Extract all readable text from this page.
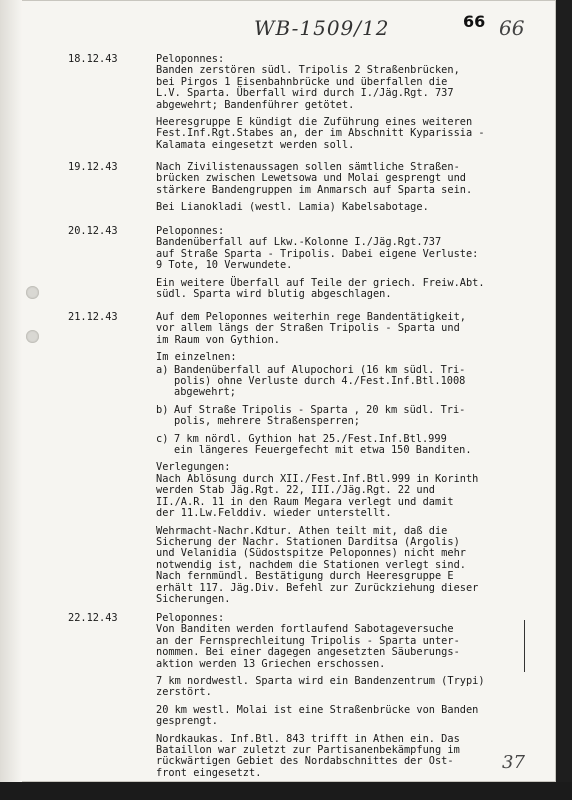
WB-1509/12	66 66
18.12.43	Peloponnes:
Banden zerstören südl. Tripolis 2 Straßenbrücken,
bei Pirgos 1 Eisenbahnbrücke und überfallen die
L.V. Sparta. Überfall wird durch I./Jäg.Rgt. 737
abgewehrt; Bandenführer getötet.

Heeresgruppe E kündigt die Zuführung eines weiteren
Fest.Inf.Rgt.Stabes an, der im Abschnitt Kyparissia -
Kalamata eingesetzt werden soll.

19.12.43	Nach Zivilistenaussagen sollen sämtliche Straßen-
brücken zwischen Lewetsowa und Molai gesprengt und
stärkere Bandengruppen im Anmarsch auf Sparta sein.

Bei Lianokladi (westl. Lamia) Kabelsabotage.

20.12.43	Peloponnes:
Bandenüberfall auf Lkw.-Kolonne I./Jäg.Rgt.737
auf Straße Sparta - Tripolis. Dabei eigene Verluste:
9 Tote, 10 Verwundete.

Ein weitere Überfall auf Teile der griech. Freiw.Abt.
südl. Sparta wird blutig abgeschlagen.

21.12.43	Auf dem Peloponnes weiterhin rege Bandentätigkeit,
vor allem längs der Straßen Tripolis - Sparta und
im Raum von Gythion.

Im einzelnen:

a) Bandenüberfall auf Alupochori (16 km südl. Tri-
polis) ohne Verluste durch 4./Fest.Inf.Btl.1008
abgewehrt;
b) Auf Straße Tripolis - Sparta , 20 km südl. Tri-
polis, mehrere Straßensperren;
c) 7 km nördl. Gythion hat 25./Fest.Inf.Btl.999
ein längeres Feuergefecht mit etwa 150 Banditen.

Verlegungen:
Nach Ablösung durch XII./Fest.Inf.Btl.999 in Korinth
werden Stab Jäg.Rgt. 22, III./Jäg.Rgt. 22 und
II./A.R. 11 in den Raum Megara verlegt und damit
der 11.Lw.Felddiv. wieder unterstellt.

Wehrmacht-Nachr.Kdtur. Athen teilt mit, daß die
Sicherung der Nachr. Stationen Darditsa (Argolis)
und Velanidia (Südostspitze Peloponnes) nicht mehr
notwendig ist, nachdem die Stationen verlegt sind.
Nach fernmündl. Bestätigung durch Heeresgruppe E
erhält 117. Jäg.Div. Befehl zur Zurückziehung dieser
Sicherungen.

22.12.43	Peloponnes:
Von Banditen werden fortlaufend Sabotageversuche
an der Fernsprechleitung Tripolis - Sparta unter-
nommen. Bei einer dagegen angesetzten Säuberungs-
aktion werden 13 Griechen erschossen.

7 km nordwestl. Sparta wird ein Bandenzentrum (Trypi)
zerstört.

20 km westl. Molai ist eine Straßenbrücke von Banden
gesprengt.

Nordkaukas. Inf.Btl. 843 trifft in Athen ein. Das
Bataillon war zuletzt zur Partisanenbekämpfung im
rückwärtigen Gebiet des Nordabschnittes der Ost-
front eingesetzt.	37
